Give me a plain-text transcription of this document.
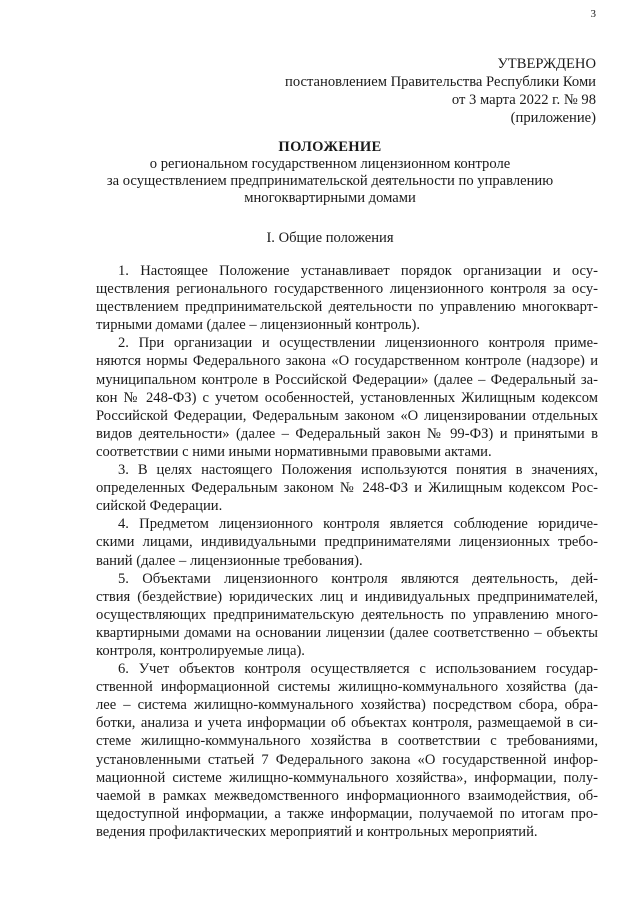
3
УТВЕРЖДЕНО
постановлением Правительства Республики Коми
от 3 марта 2022 г. № 98
(приложение)
ПОЛОЖЕНИЕ
о региональном государственном лицензионном контроле
за осуществлением предпринимательской деятельности по управлению
многоквартирными домами
I. Общие положения
1. Настоящее Положение устанавливает порядок организации и осу-
ществления регионального государственного лицензионного контроля за осу-
ществлением предпринимательской деятельности по управлению многокварт-
тирными домами (далее – лицензионный контроль).
2. При организации и осуществлении лицензионного контроля приме-
няются нормы Федерального закона «О государственном контроле (надзоре) и
муниципальном контроле в Российской Федерации» (далее – Федеральный за-
кон № 248-ФЗ) с учетом особенностей, установленных Жилищным кодексом
Российской Федерации, Федеральным законом «О лицензировании отдельных
видов деятельности» (далее – Федеральный закон № 99-ФЗ) и принятыми в
соответствии с ними иными нормативными правовыми актами.
3. В целях настоящего Положения используются понятия в значениях,
определенных Федеральным законом № 248-ФЗ и Жилищным кодексом Рос-
сийской Федерации.
4. Предметом лицензионного контроля является соблюдение юридиче-
скими лицами, индивидуальными предпринимателями лицензионных требо-
ваний (далее – лицензионные требования).
5. Объектами лицензионного контроля являются деятельность, дей-
ствия (бездействие) юридических лиц и индивидуальных предпринимателей,
осуществляющих предпринимательскую деятельность по управлению много-
квартирными домами на основании лицензии (далее соответственно – объекты
контроля, контролируемые лица).
6. Учет объектов контроля осуществляется с использованием государ-
ственной информационной системы жилищно-коммунального хозяйства (да-
лее – система жилищно-коммунального хозяйства) посредством сбора, обра-
ботки, анализа и учета информации об объектах контроля, размещаемой в си-
стеме жилищно-коммунального хозяйства в соответствии с требованиями,
установленными статьей 7 Федерального закона «О государственной инфор-
мационной системе жилищно-коммунального хозяйства», информации, полу-
чаемой в рамках межведомственного информационного взаимодействия, об-
щедоступной информации, а также информации, получаемой по итогам про-
ведения профилактических мероприятий и контрольных мероприятий.
